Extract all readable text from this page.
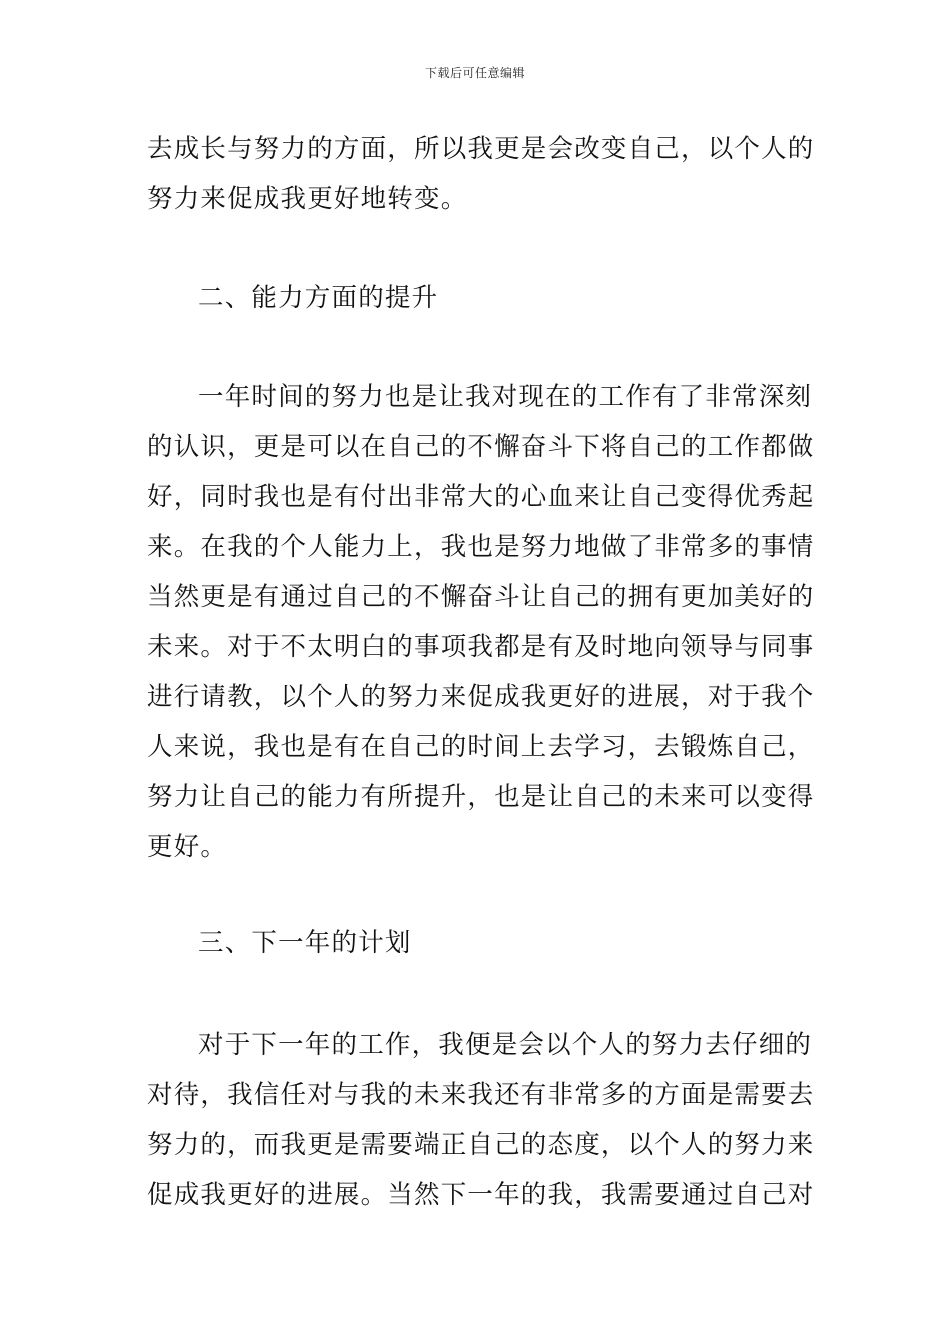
下载后可任意编辑
去成长与努力的方面，所以我更是会改变自己，以个人的
努力来促成我更好地转变。
二、能力方面的提升
一年时间的努力也是让我对现在的工作有了非常深刻
的认识，更是可以在自己的不懈奋斗下将自己的工作都做
好，同时我也是有付出非常大的心血来让自己变得优秀起
来。在我的个人能力上，我也是努力地做了非常多的事情
当然更是有通过自己的不懈奋斗让自己的拥有更加美好的
未来。对于不太明白的事项我都是有及时地向领导与同事
进行请教，以个人的努力来促成我更好的进展，对于我个
人来说，我也是有在自己的时间上去学习，去锻炼自己，
努力让自己的能力有所提升，也是让自己的未来可以变得
更好。
三、下一年的计划
对于下一年的工作，我便是会以个人的努力去仔细的
对待，我信任对与我的未来我还有非常多的方面是需要去
努力的，而我更是需要端正自己的态度，以个人的努力来
促成我更好的进展。当然下一年的我，我需要通过自己对
